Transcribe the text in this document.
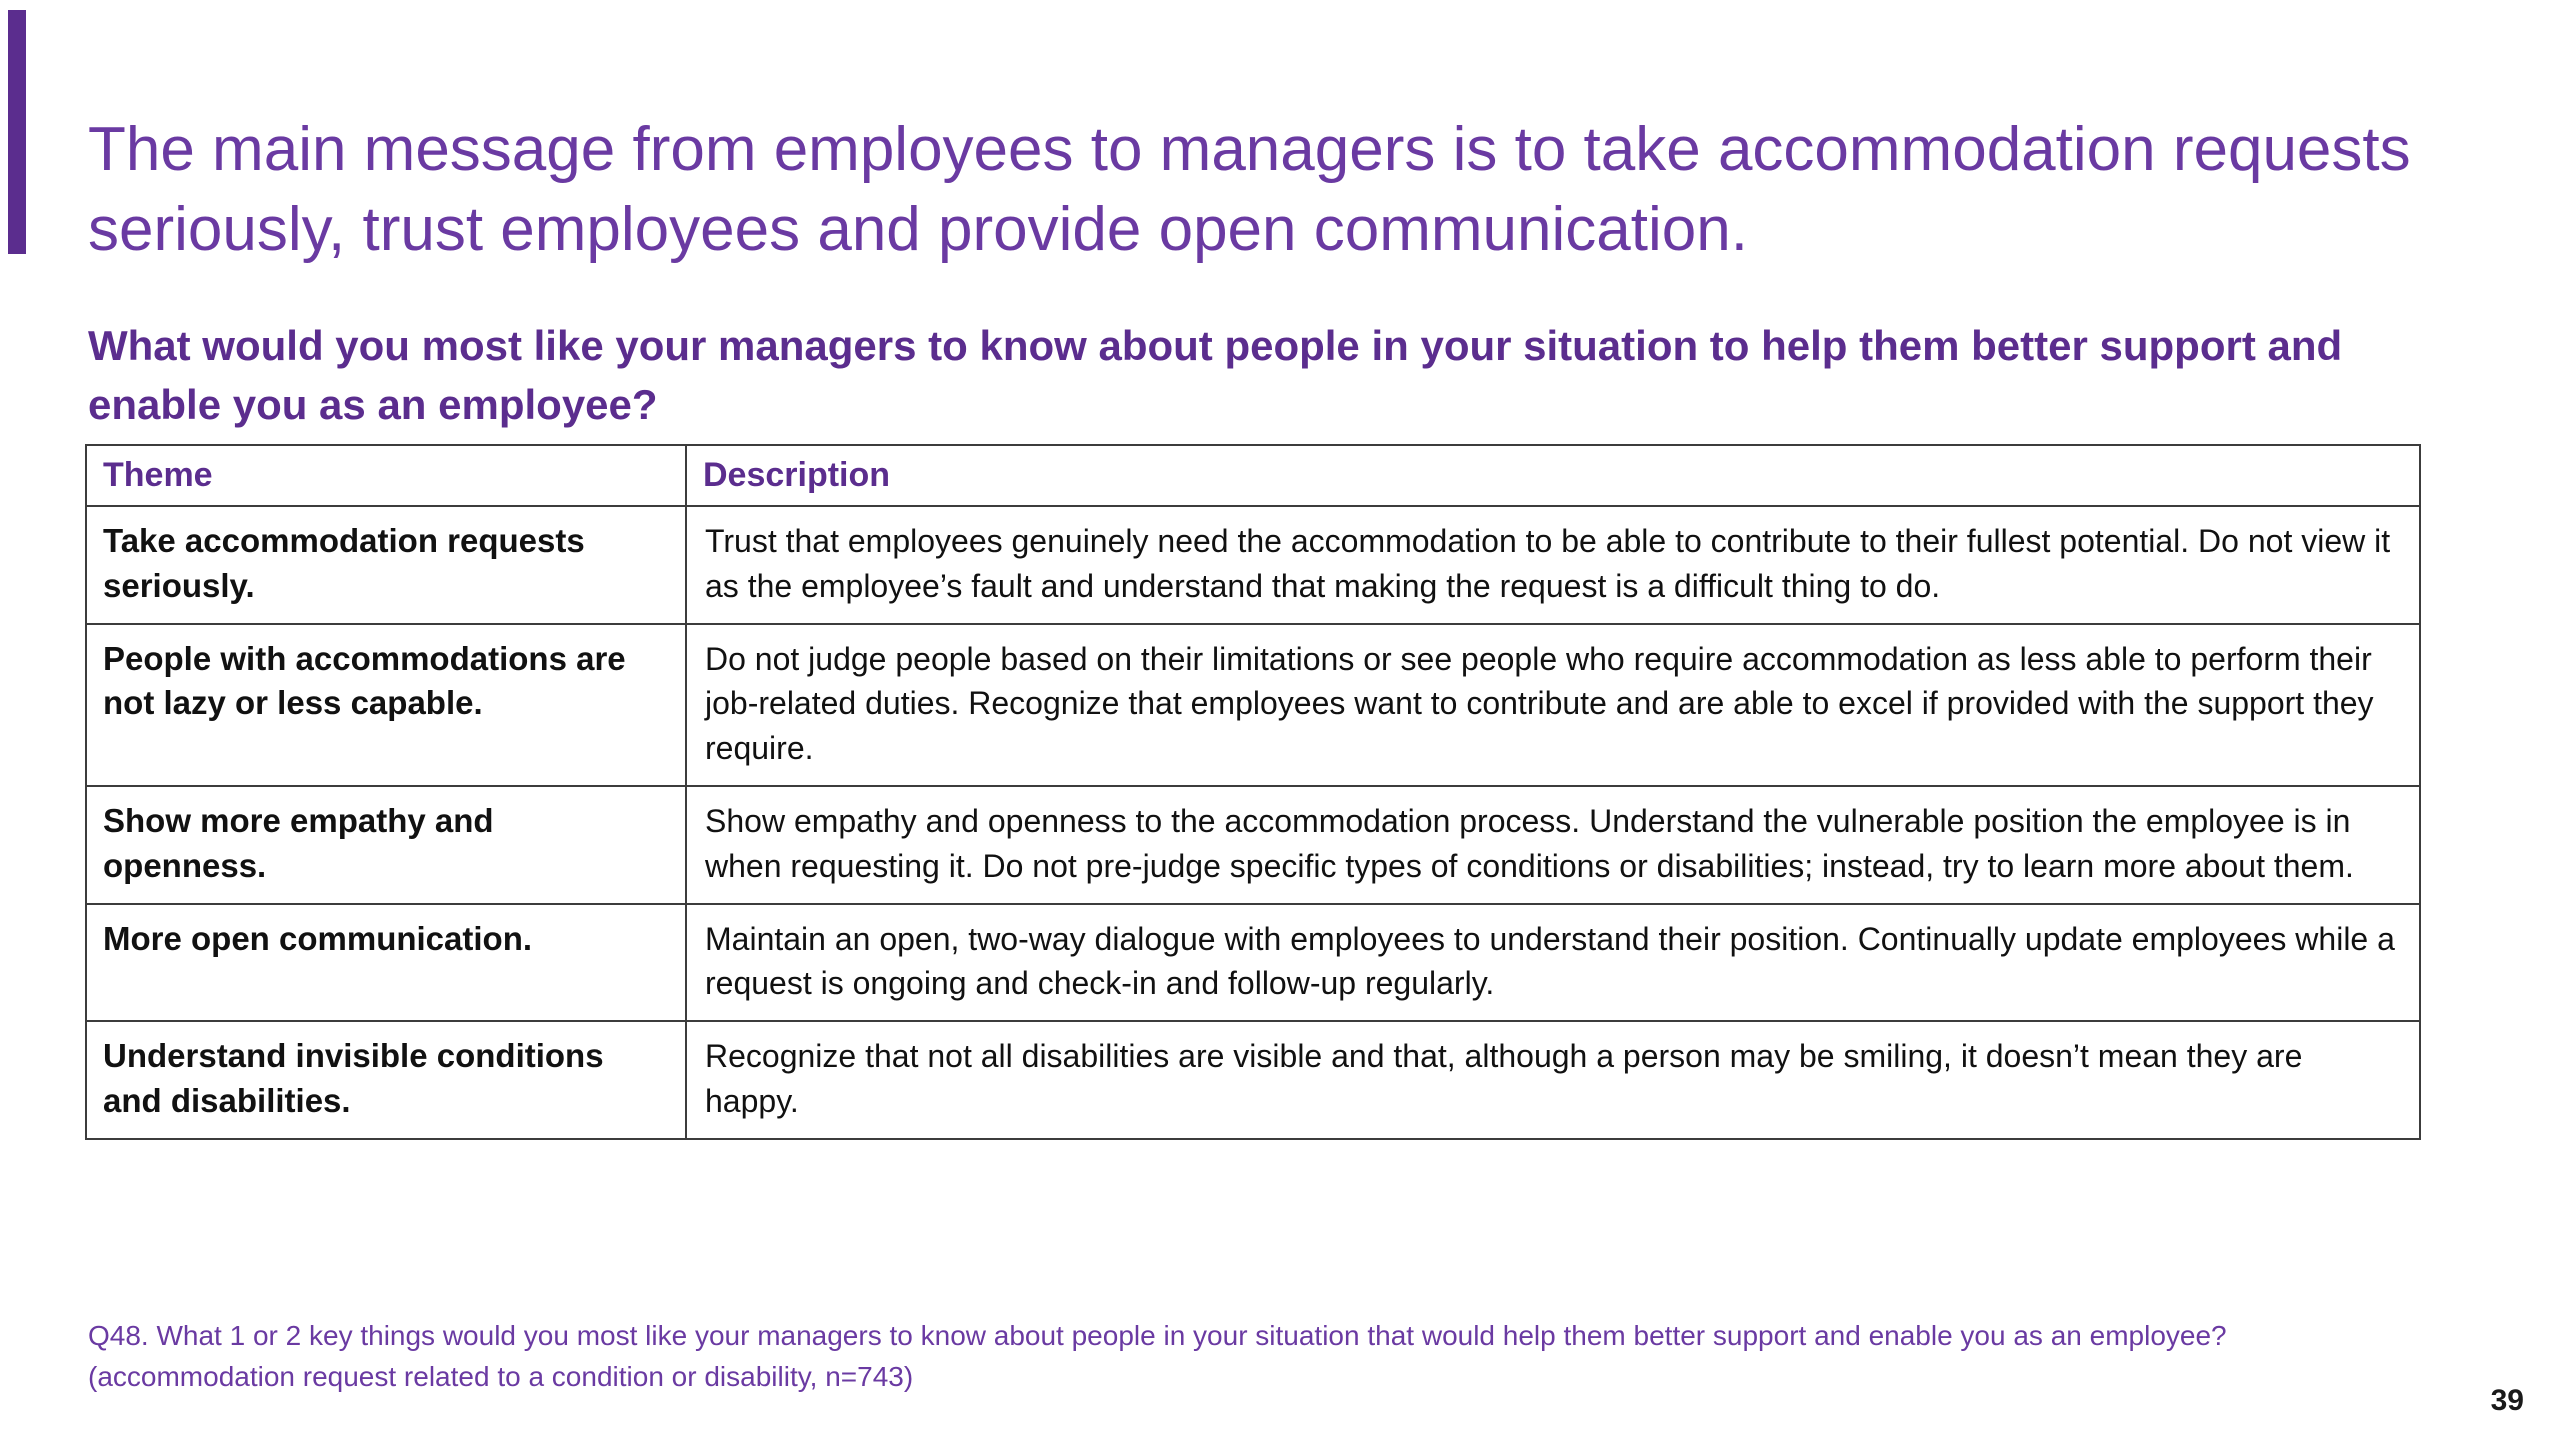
The main message from employees to managers is to take accommodation requests seriously, trust employees and provide open communication.
What would you most like your managers to know about people in your situation to help them better support and enable you as an employee?
Theme	Description
Take accommodation requests seriously.	Trust that employees genuinely need the accommodation to be able to contribute to their fullest potential. Do not view it as the employee’s fault and understand that making the request is a difficult thing to do.
People with accommodations are not lazy or less capable.	Do not judge people based on their limitations or see people who require accommodation as less able to perform their job-related duties. Recognize that employees want to contribute and are able to excel if provided with the support they require.
Show more empathy and openness.	Show empathy and openness to the accommodation process. Understand the vulnerable position the employee is in when requesting it. Do not pre-judge specific types of conditions or disabilities; instead, try to learn more about them.
More open communication.	Maintain an open, two-way dialogue with employees to understand their position. Continually update employees while a request is ongoing and check-in and follow-up regularly.
Understand invisible conditions and disabilities.	Recognize that not all disabilities are visible and that, although a person may be smiling, it doesn’t mean they are happy.

Q48. What 1 or 2 key things would you most like your managers to know about people in your situation that would help them better support and enable you as an employee? (accommodation request related to a condition or disability, n=743)

39
